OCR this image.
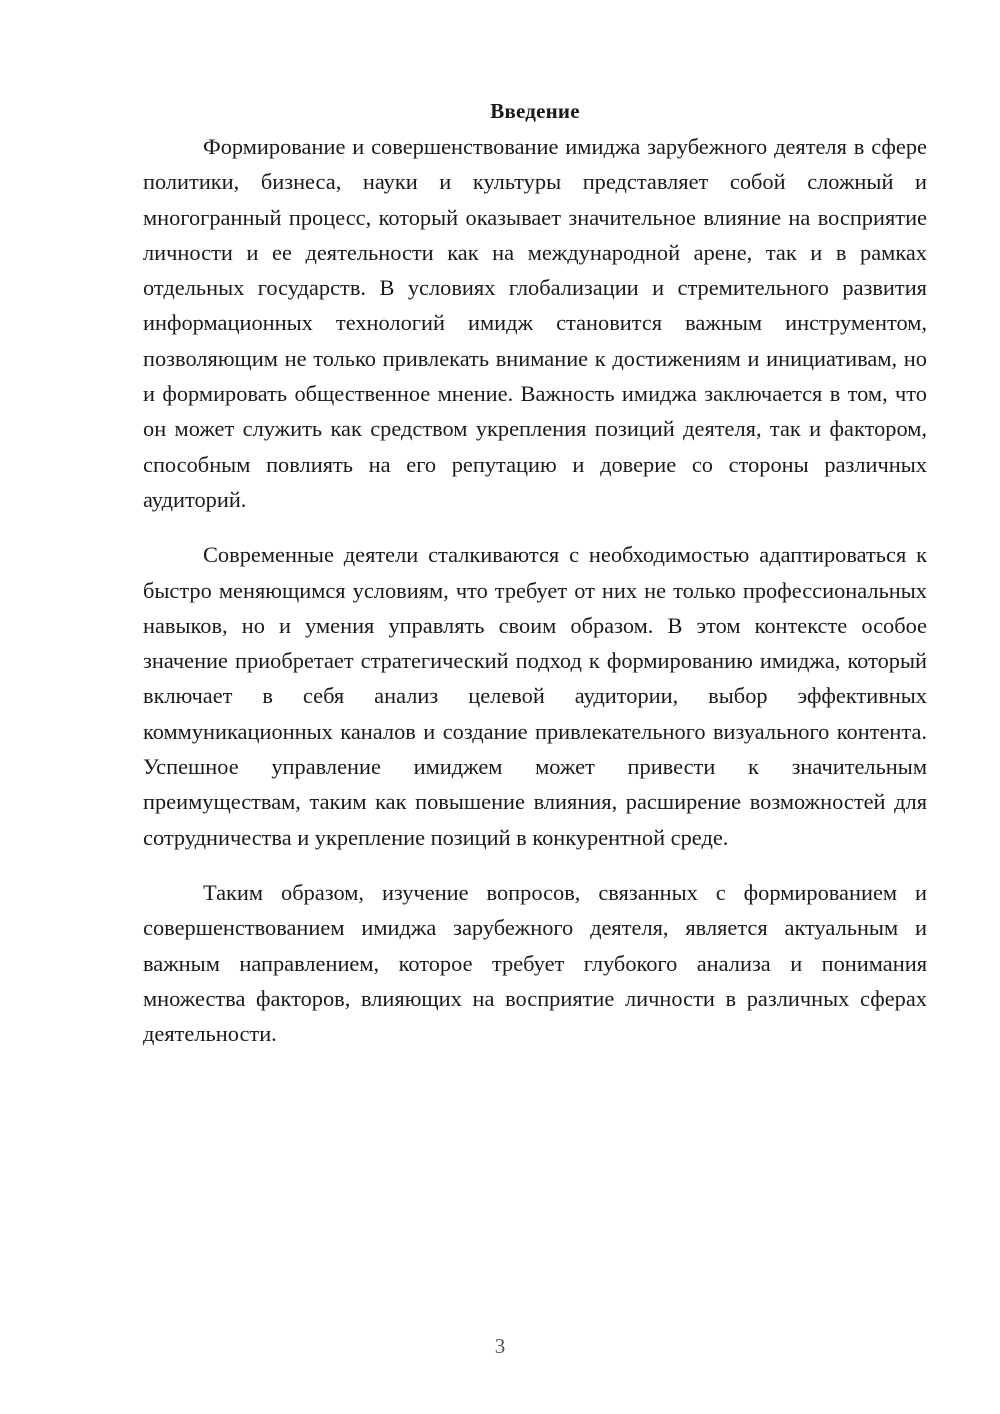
Введение

Формирование и совершенствование имиджа зарубежного деятеля в сфере политики, бизнеса, науки и культуры представляет собой сложный и многогранный процесс, который оказывает значительное влияние на восприятие личности и ее деятельности как на международной арене, так и в рамках отдельных государств. В условиях глобализации и стремительного развития информационных технологий имидж становится важным инструментом, позволяющим не только привлекать внимание к достижениям и инициативам, но и формировать общественное мнение. Важность имиджа заключается в том, что он может служить как средством укрепления позиций деятеля, так и фактором, способным повлиять на его репутацию и доверие со стороны различных аудиторий.

Современные деятели сталкиваются с необходимостью адаптироваться к быстро меняющимся условиям, что требует от них не только профессиональных навыков, но и умения управлять своим образом. В этом контексте особое значение приобретает стратегический подход к формированию имиджа, который включает в себя анализ целевой аудитории, выбор эффективных коммуникационных каналов и создание привлекательного визуального контента. Успешное управление имиджем может привести к значительным преимуществам, таким как повышение влияния, расширение возможностей для сотрудничества и укрепление позиций в конкурентной среде.

Таким образом, изучение вопросов, связанных с формированием и совершенствованием имиджа зарубежного деятеля, является актуальным и важным направлением, которое требует глубокого анализа и понимания множества факторов, влияющих на восприятие личности в различных сферах деятельности.

3
